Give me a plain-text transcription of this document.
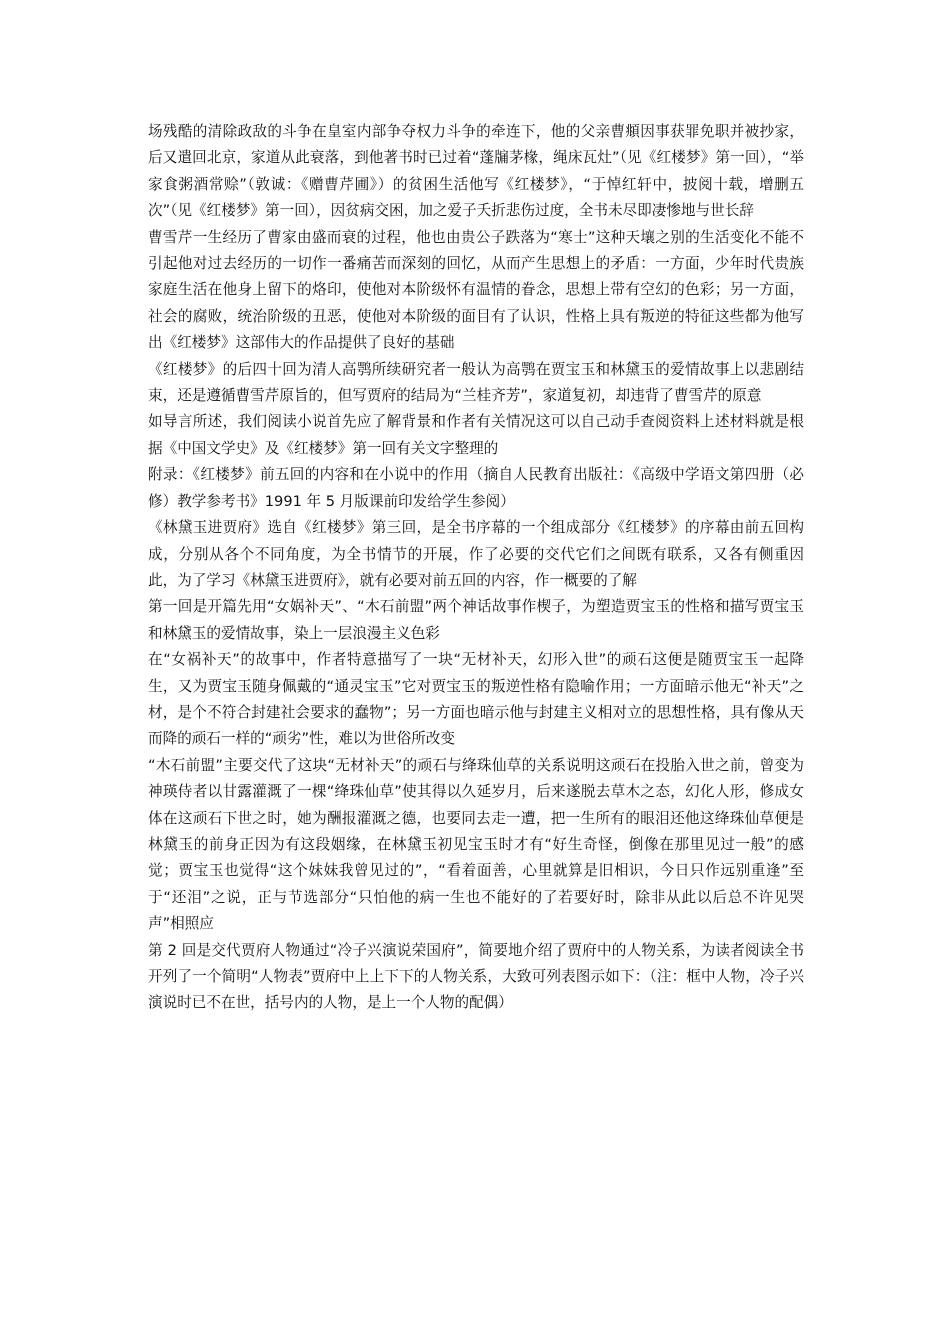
场残酷的清除政敌的斗争在皇室内部争夺权力斗争的牵连下，他的父亲曹頫因事获罪免职并被抄家，后又遣回北京，家道从此衰落，到他著书时已过着“蓬牖茅椽，绳床瓦灶”（见《红楼梦》第一回），“举家食粥酒常赊”（敦诚：《赠曹芹圃》）的贫困生活他写《红楼梦》，“于悼红轩中，披阅十载，增删五次”（见《红楼梦》第一回），因贫病交困，加之爱子夭折悲伤过度，全书未尽即凄惨地与世长辞

曹雪芹一生经历了曹家由盛而衰的过程，他也由贵公子跌落为“寒士”这种天壤之别的生活变化不能不引起他对过去经历的一切作一番痛苦而深刻的回忆，从而产生思想上的矛盾：一方面，少年时代贵族家庭生活在他身上留下的烙印，使他对本阶级怀有温情的眷念，思想上带有空幻的色彩；另一方面，社会的腐败，统治阶级的丑恶，使他对本阶级的面目有了认识，性格上具有叛逆的特征这些都为他写出《红楼梦》这部伟大的作品提供了良好的基础

《红楼梦》的后四十回为清人高鹗所续研究者一般认为高鹗在贾宝玉和林黛玉的爱情故事上以悲剧结束，还是遵循曹雪芹原旨的，但写贾府的结局为“兰桂齐芳”，家道复初，却违背了曹雪芹的原意

如导言所述，我们阅读小说首先应了解背景和作者有关情况这可以自己动手查阅资料上述材料就是根据《中国文学史》及《红楼梦》第一回有关文字整理的

附录：《红楼梦》前五回的内容和在小说中的作用（摘自人民教育出版社：《高级中学语文第四册（必修）教学参考书》1991 年 5 月版课前印发给学生参阅）

《林黛玉进贾府》选自《红楼梦》第三回，是全书序幕的一个组成部分《红楼梦》的序幕由前五回构成，分别从各个不同角度，为全书情节的开展，作了必要的交代它们之间既有联系，又各有侧重因此，为了学习《林黛玉进贾府》，就有必要对前五回的内容，作一概要的了解

第一回是开篇先用“女娲补天”、“木石前盟”两个神话故事作楔子，为塑造贾宝玉的性格和描写贾宝玉和林黛玉的爱情故事，染上一层浪漫主义色彩

在“女祸补天”的故事中，作者特意描写了一块“无材补天，幻形入世”的顽石这便是随贾宝玉一起降生，又为贾宝玉随身佩戴的“通灵宝玉”它对贾宝玉的叛逆性格有隐喻作用；一方面暗示他无“补天”之材，是个不符合封建社会要求的蠢物”；另一方面也暗示他与封建主义相对立的思想性格，具有像从天而降的顽石一样的“顽劣”性，难以为世俗所改变

“木石前盟”主要交代了这块“无材补天”的顽石与绛珠仙草的关系说明这顽石在投胎入世之前，曾变为神瑛侍者以甘露灌溉了一棵“绛珠仙草”使其得以久延岁月，后来遂脱去草木之态，幻化人形，修成女体在这顽石下世之时，她为酬报灌溉之德，也要同去走一遭，把一生所有的眼泪还他这绛珠仙草便是林黛玉的前身正因为有这段姻缘，在林黛玉初见宝玉时才有“好生奇怪，倒像在那里见过一般”的感觉；贾宝玉也觉得“这个妹妹我曾见过的”，“看着面善，心里就算是旧相识，今日只作远别重逢”至于“还泪”之说，正与节选部分“只怕他的病一生也不能好的了若要好时，除非从此以后总不许见哭声”相照应

第 2 回是交代贾府人物通过“冷子兴演说荣国府”，简要地介绍了贾府中的人物关系，为读者阅读全书开列了一个简明“人物表”贾府中上上下下的人物关系，大致可列表图示如下：（注：框中人物，冷子兴演说时已不在世，括号内的人物，是上一个人物的配偶）
